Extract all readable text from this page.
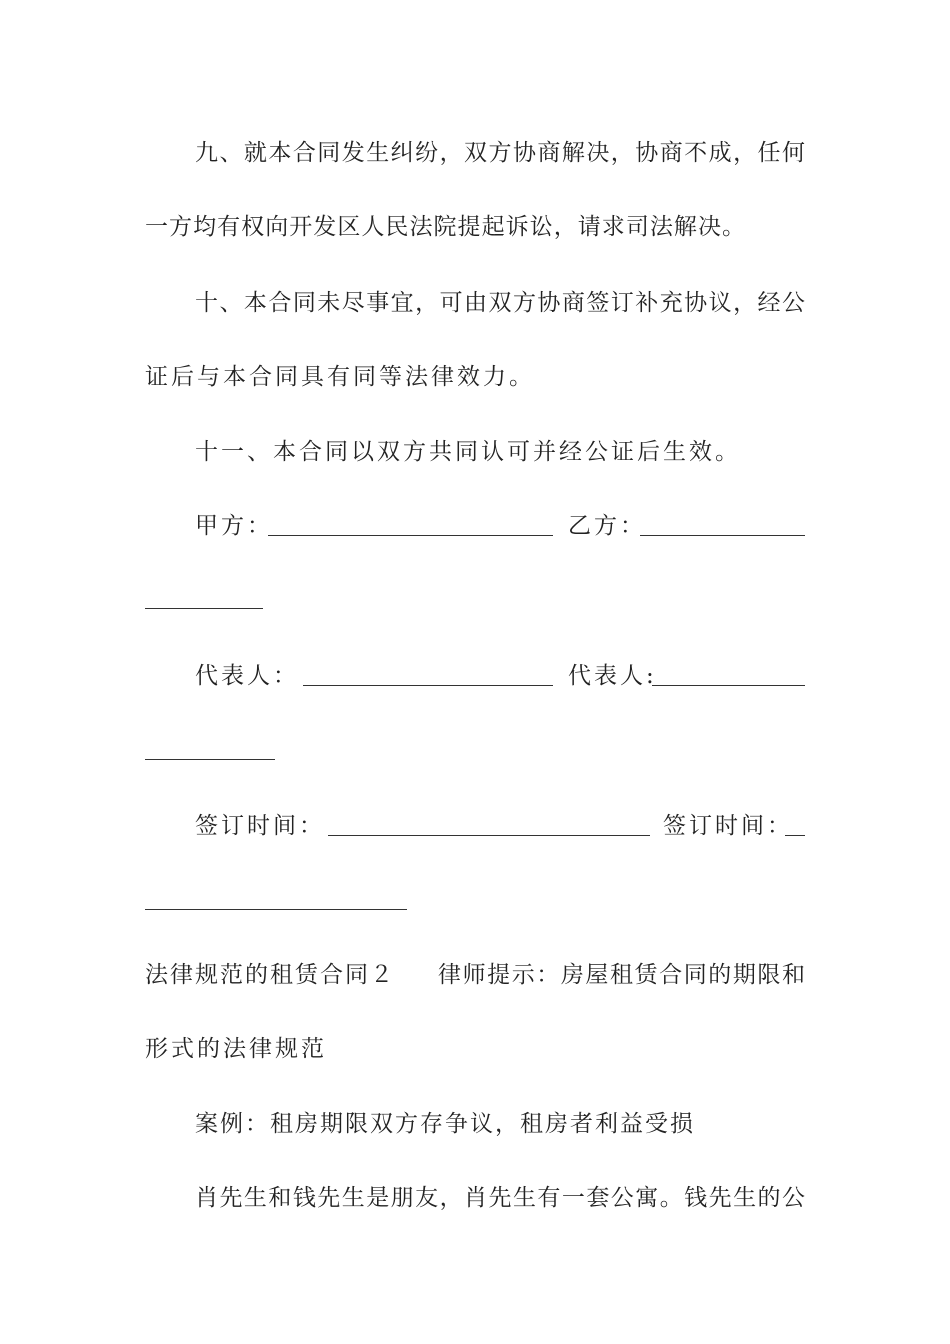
九、就本合同发生纠纷，双方协商解决，协商不成，任何
一方均有权向开发区人民法院提起诉讼，请求司法解决。
十、本合同未尽事宜，可由双方协商签订补充协议，经公
证后与本合同具有同等法律效力。
十一、本合同以双方共同认可并经公证后生效。
甲方：	乙方：
代表人：	代表人:
签订时间：	签订时间：
法律规范的租赁合同２ 律师提示：房屋租赁合同的期限和
形式的法律规范
案例：租房期限双方存争议，租房者利益受损
肖先生和钱先生是朋友，肖先生有一套公寓。钱先生的公
